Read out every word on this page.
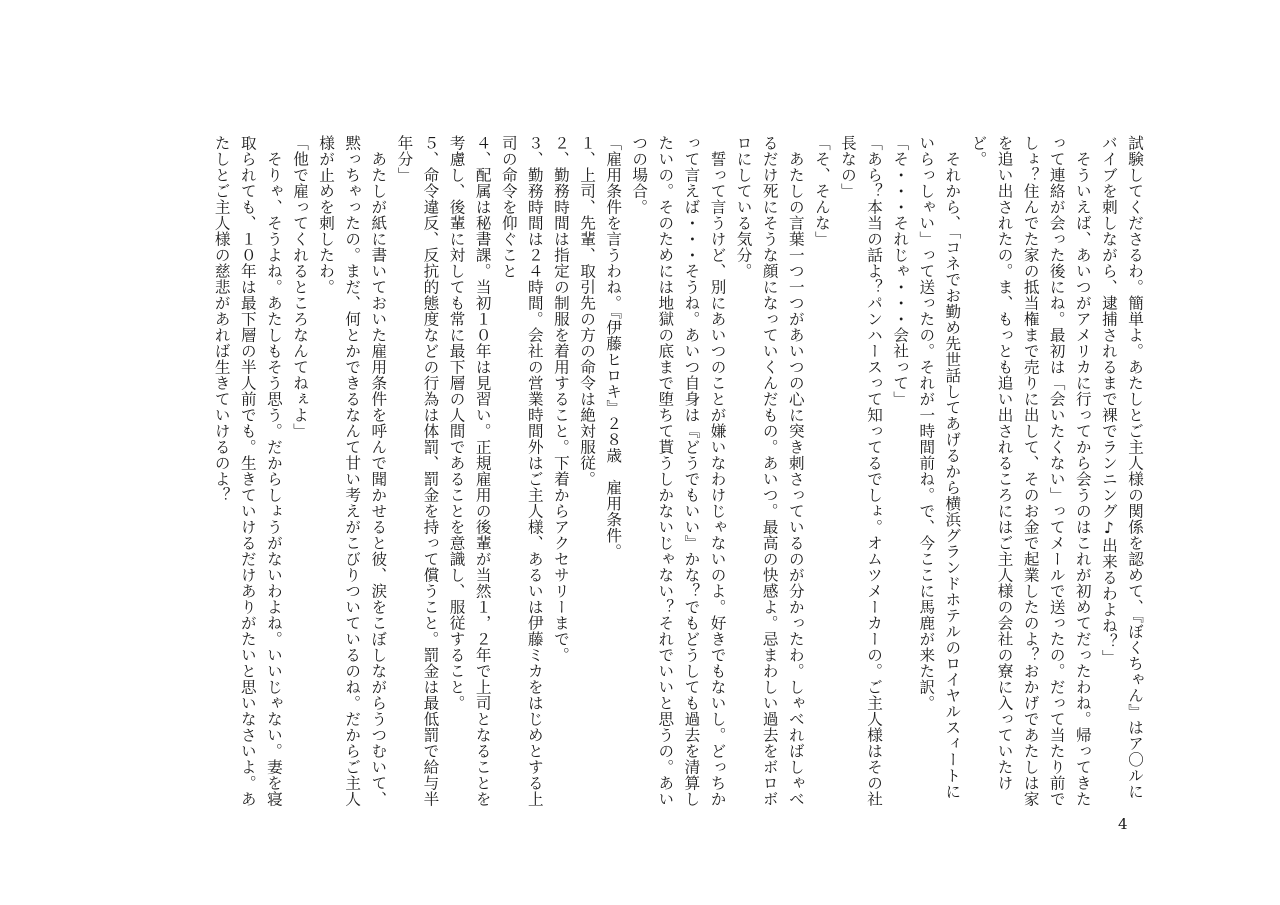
試験してくださるわ。簡単よ。あたしとご主人様の関係を認めて、『ぼくちゃん』はア〇ルにバイブを刺しながら、逮捕されるまで裸でランニング♪出来るわよね？」

　そういえば、あいつがアメリカに行ってから会うのはこれが初めてだったわね。帰ってきたって連絡が会った後にね。最初は「会いたくない」ってメールで送ったの。だって当たり前でしょ？住んでた家の抵当権まで売りに出して、そのお金で起業したのよ？おかげであたしは家を追い出されたの。ま、もっとも追い出されるころにはご主人様の会社の寮に入っていたけど。

　それから、「コネでお勤め先世話してあげるから横浜グランドホテルのロイヤルスィートにいらっしゃい」って送ったの。それが一時間前ね。で、今ここに馬鹿が来た訳。

「そ・・・それじゃ・・・会社って」

「あら？本当の話よ？パンハースって知ってるでしょ。オムツメーカーの。ご主人様はその社長なの」

「そ、そんな」

　あたしの言葉一つ一つがあいつの心に突き刺さっているのが分かったわ。しゃべればしゃべるだけ死にそうな顔になっていくんだもの。あいつ。最高の快感よ。忌まわしい過去をボロボロにしている気分。

　誓って言うけど、別にあいつのことが嫌いなわけじゃないのよ。好きでもないし。どっちかって言えば・・・そうね。あいつ自身は『どうでもいい』かな？でもどうしても過去を清算したいの。そのためには地獄の底まで堕ちて貰うしかないじゃない？それでいいと思うの。あいつの場合。

「雇用条件を言うわね。『伊藤ヒロキ』２８歳　雇用条件。

１、上司、先輩、取引先の方の命令は絶対服従。

２、勤務時間は指定の制服を着用すること。下着からアクセサリーまで。

３、勤務時間は２４時間。会社の営業時間外はご主人様、あるいは伊藤ミカをはじめとする上司の命令を仰ぐこと

４、配属は秘書課。当初１０年は見習い。正規雇用の後輩が当然１，２年で上司となることを考慮し、後輩に対しても常に最下層の人間であることを意識し、服従すること。

５、命令違反、反抗的態度などの行為は体罰、罰金を持って償うこと。罰金は最低罰で給与半年分」

　あたしが紙に書いておいた雇用条件を呼んで聞かせると彼、涙をこぼしながらうつむいて、黙っちゃったの。まだ、何とかできるなんて甘い考えがこびりついているのね。だからご主人様が止めを刺したわ。

「他で雇ってくれるところなんてねぇよ」

　そりゃ、そうよね。あたしもそう思う。だからしょうがないわよね。いいじゃない。妻を寝取られても、１０年は最下層の半人前でも。生きていけるだけありがたいと思いなさいよ。あたしとご主人様の慈悲があれば生きていけるのよ？

4
